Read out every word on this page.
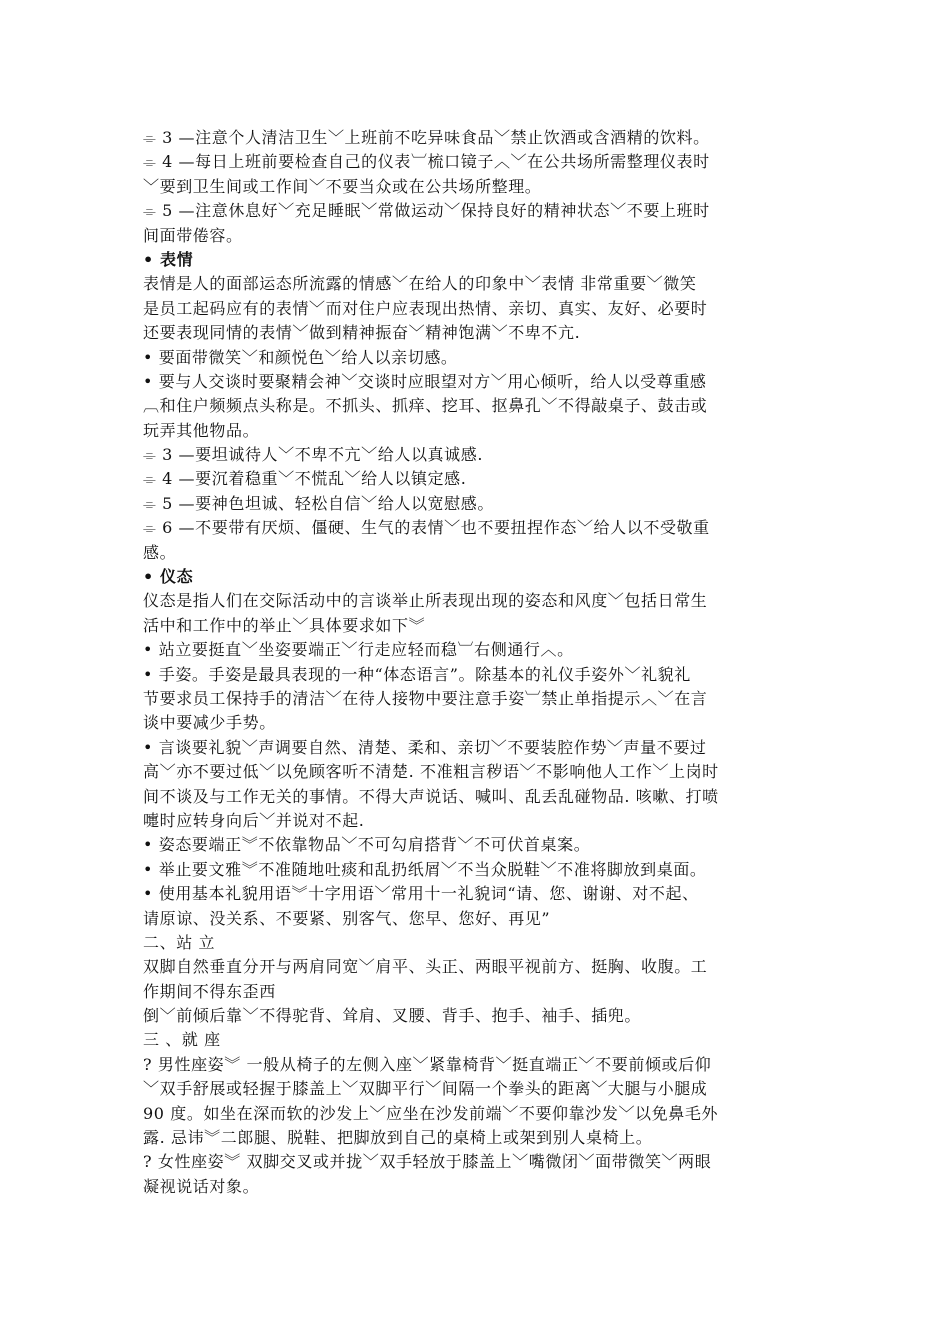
⌯ 3 —注意个人清洁卫生﹀上班前不吃异味食品﹀禁止饮酒或含酒精的饮料。
⌯ 4 —每日上班前要检查自己的仪表︺梳口镜子︿﹀在公共场所需整理仪表时
﹀要到卫生间或工作间﹀不要当众或在公共场所整理。
⌯ 5 —注意休息好﹀充足睡眠﹀常做运动﹀保持良好的精神状态﹀不要上班时
间面带倦容。
• 表情
表情是人的面部运态所流露的情感﹀在给人的印象中﹀表情 非常重要﹀微笑
是员工起码应有的表情﹀而对住户应表现出热情、亲切、真实、友好、必要时
还要表现同情的表情﹀做到精神振奋﹀精神饱满﹀不卑不亢.
• 要面带微笑﹀和颜悦色﹀给人以亲切感。
• 要与人交谈时要聚精会神﹀交谈时应眼望对方﹀用心倾听，给人以受尊重感
︹和住户频频点头称是。不抓头、抓痒、挖耳、抠鼻孔﹀不得敲桌子、鼓击或
玩弄其他物品。
⌯ 3 —要坦诚待人﹀不卑不亢﹀给人以真诚感.
⌯ 4 —要沉着稳重﹀不慌乱﹀给人以镇定感.
⌯ 5 —要神色坦诚、轻松自信﹀给人以宽慰感。
⌯ 6 —不要带有厌烦、僵硬、生气的表情﹀也不要扭捏作态﹀给人以不受敬重
感。
• 仪态
仪态是指人们在交际活动中的言谈举止所表现出现的姿态和风度﹀包括日常生
活中和工作中的举止﹀具体要求如下︾
• 站立要挺直﹀坐姿要端正﹀行走应轻而稳︺右侧通行︿。
• 手姿。手姿是最具表现的一种“体态语言”。除基本的礼仪手姿外﹀礼貌礼
节要求员工保持手的清洁﹀在待人接物中要注意手姿︺禁止单指提示︿﹀在言
谈中要减少手势。
• 言谈要礼貌﹀声调要自然、清楚、柔和、亲切﹀不要装腔作势﹀声量不要过
高﹀亦不要过低﹀以免顾客听不清楚. 不准粗言秽语﹀不影响他人工作﹀上岗时
间不谈及与工作无关的事情。不得大声说话、喊叫、乱丢乱碰物品. 咳嗽、打喷
嚏时应转身向后﹀并说对不起.
• 姿态要端正︾不依靠物品﹀不可勾肩搭背﹀不可伏首桌案。
• 举止要文雅︾不准随地吐痰和乱扔纸屑﹀不当众脱鞋﹀不准将脚放到桌面。
• 使用基本礼貌用语︾十字用语﹀常用十一礼貌词“请、您、谢谢、对不起、
请原谅、没关系、不要紧、别客气、您早、您好、再见”
二、站 立
双脚自然垂直分开与两肩同宽﹀肩平、头正、两眼平视前方、挺胸、收腹。工
作期间不得东歪西
倒﹀前倾后靠﹀不得驼背、耸肩、叉腰、背手、抱手、袖手、插兜。
三 、就 座
? 男性座姿︾ 一般从椅子的左侧入座﹀紧靠椅背﹀挺直端正﹀不要前倾或后仰
﹀双手舒展或轻握于膝盖上﹀双脚平行﹀间隔一个拳头的距离﹀大腿与小腿成
90 度。如坐在深而软的沙发上﹀应坐在沙发前端﹀不要仰靠沙发﹀以免鼻毛外
露. 忌讳︾二郎腿、脱鞋、把脚放到自己的桌椅上或架到别人桌椅上。
? 女性座姿︾ 双脚交叉或并拢﹀双手轻放于膝盖上﹀嘴微闭﹀面带微笑﹀两眼
凝视说话对象。
